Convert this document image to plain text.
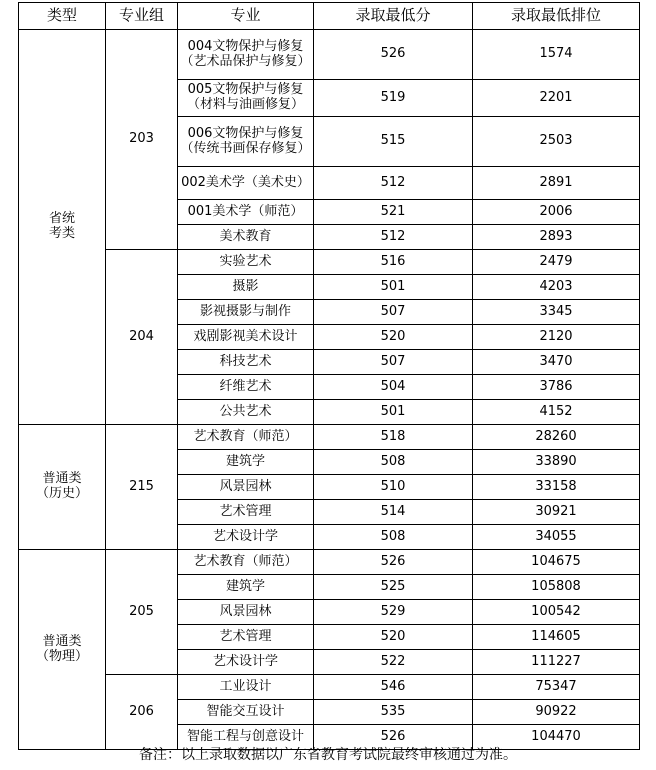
类型	专业组	专业	录取最低分	录取最低排位
省统
考类	203	004文物保护与修复（艺术品保护与修复）	526	1574
		005文物保护与修复（材料与油画修复）	519	2201
		006文物保护与修复（传统书画保存修复）	515	2503
		002美术学（美术史）	512	2891
		001美术学（师范）	521	2006
		美术教育	512	2893
	204	实验艺术	516	2479
		摄影	501	4203
		影视摄影与制作	507	3345
		戏剧影视美术设计	520	2120
		科技艺术	507	3470
		纤维艺术	504	3786
		公共艺术	501	4152
普通类
（历史）	215	艺术教育（师范）	518	28260
		建筑学	508	33890
		风景园林	510	33158
		艺术管理	514	30921
		艺术设计学	508	34055
普通类
（物理）	205	艺术教育（师范）	526	104675
		建筑学	525	105808
		风景园林	529	100542
		艺术管理	520	114605
		艺术设计学	522	111227
	206	工业设计	546	75347
		智能交互设计	535	90922
		智能工程与创意设计	526	104470
备注：以上录取数据以广东省教育考试院最终审核通过为准。
